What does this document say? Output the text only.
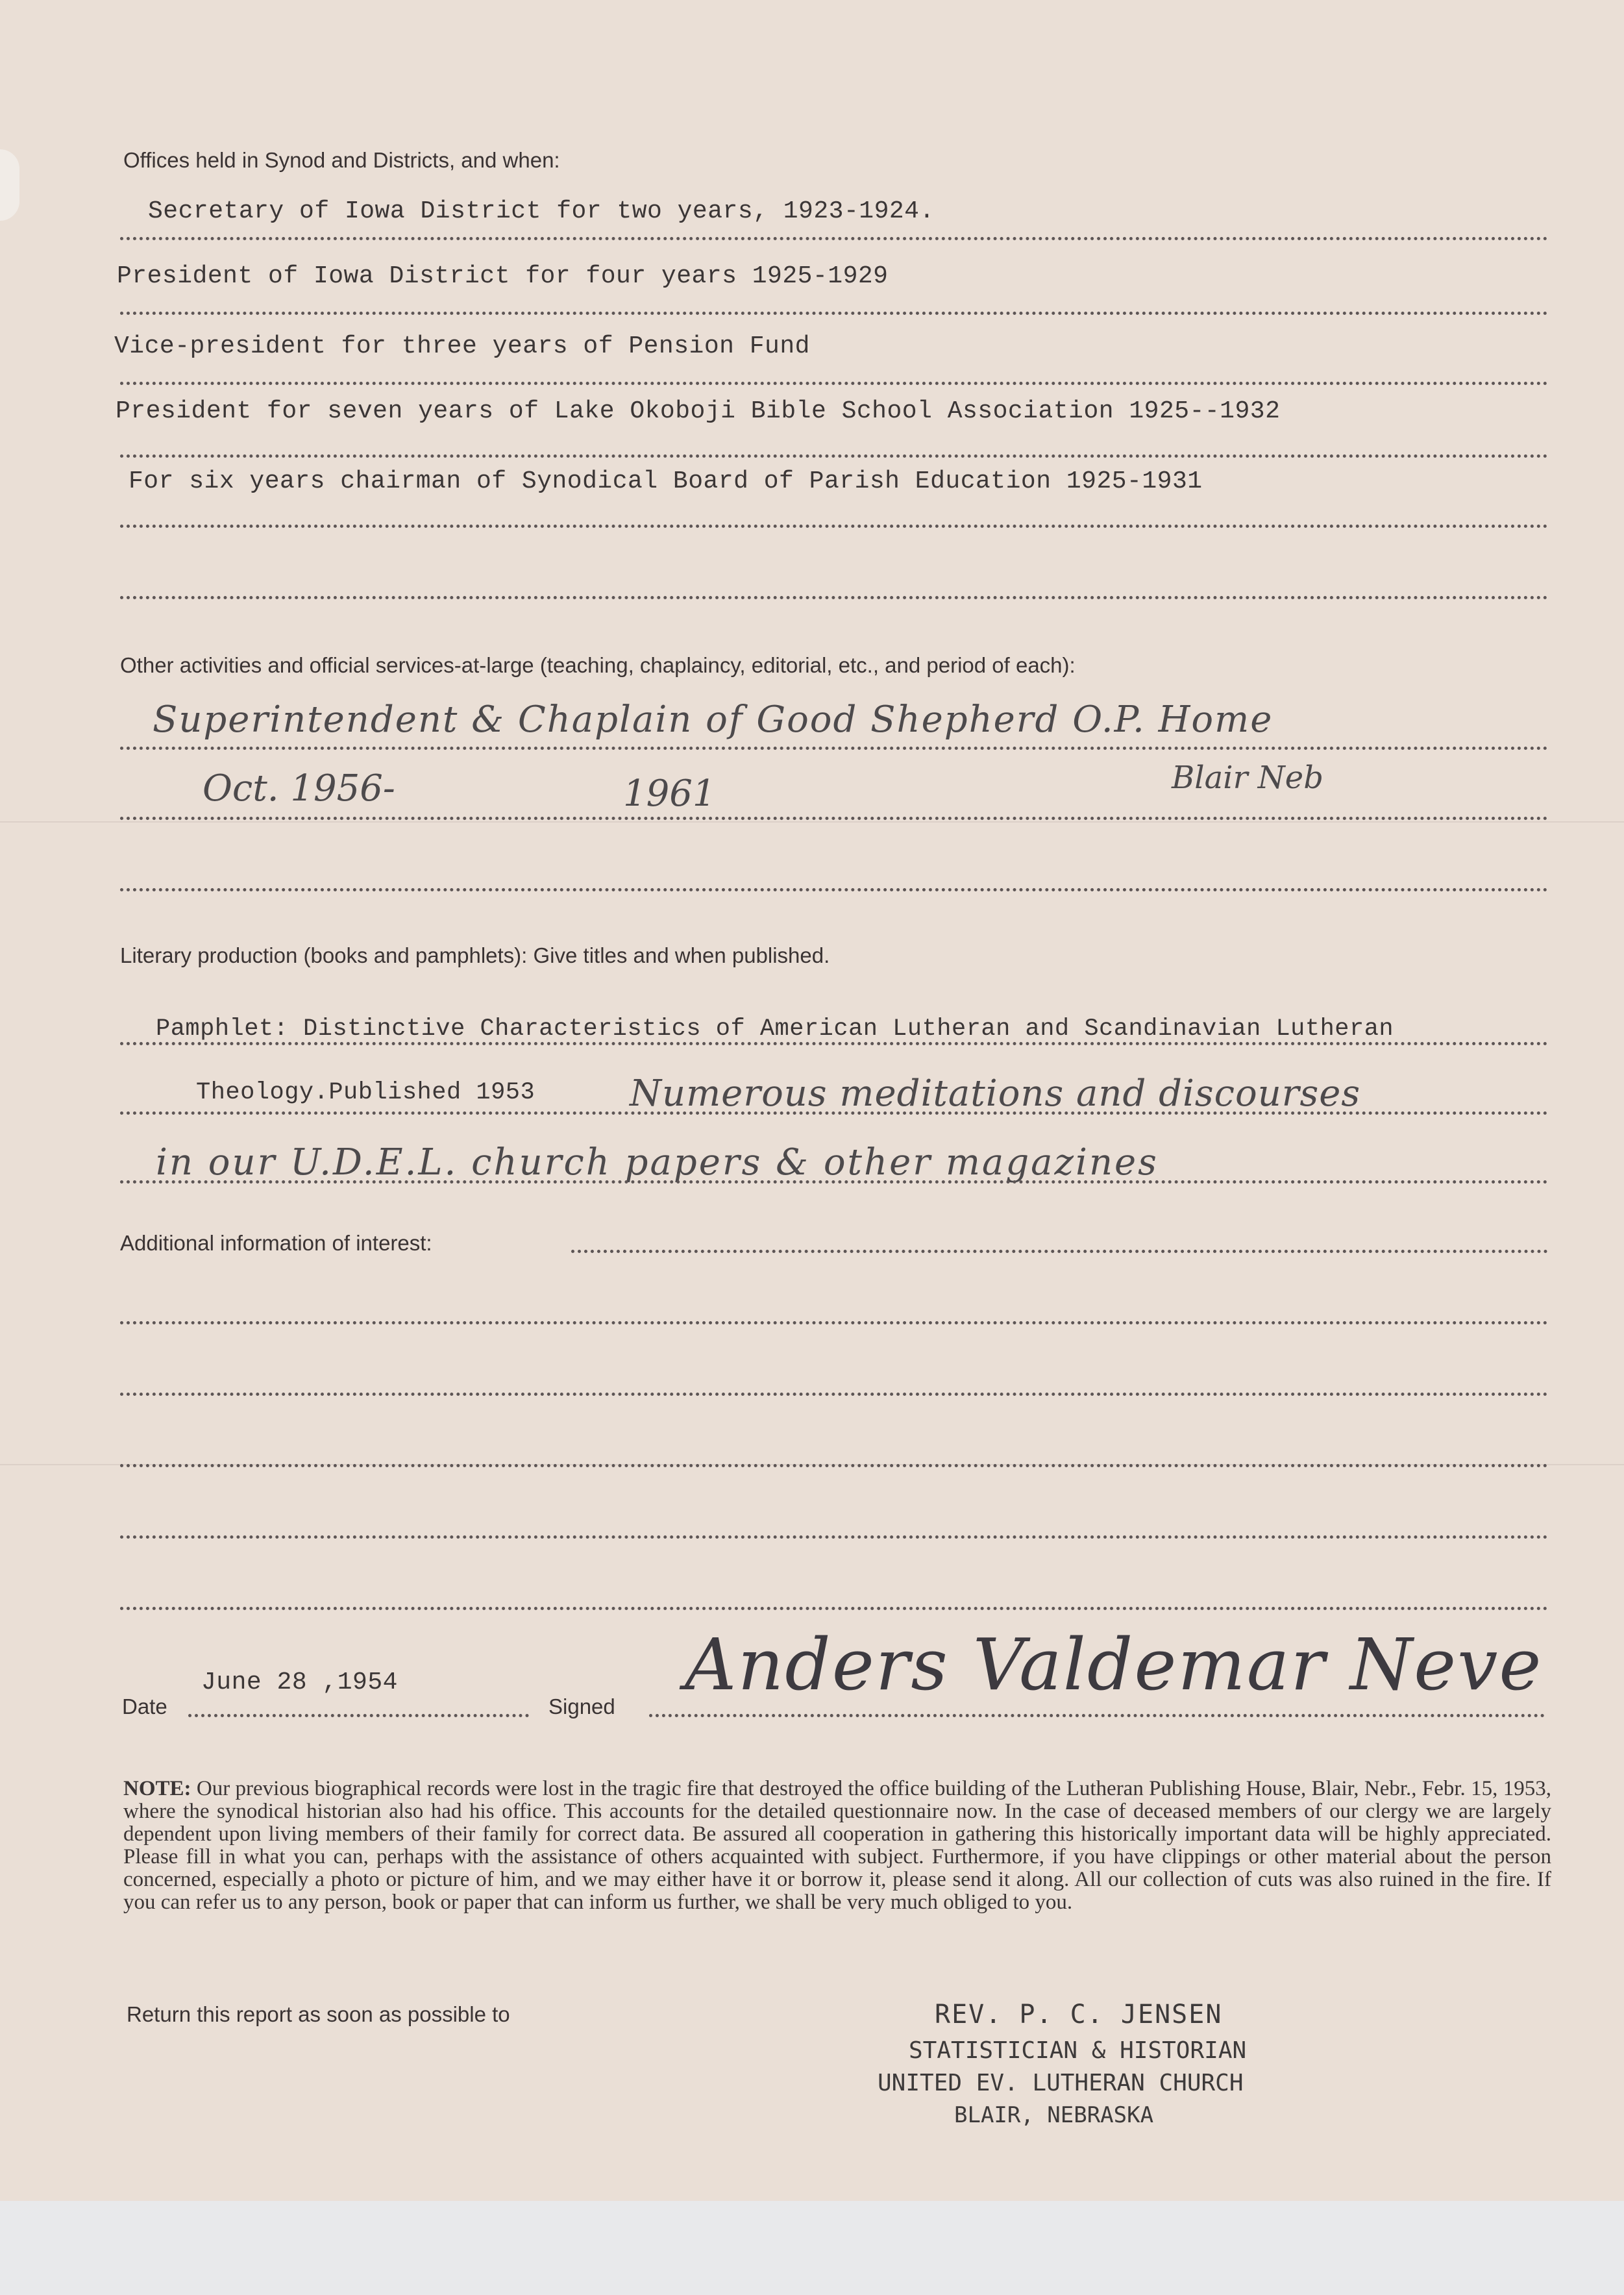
Offices held in Synod and Districts, and when:
Secretary of Iowa District for two years, 1923-1924.
President of Iowa District for four years 1925-1929
Vice-president for three years of Pension Fund
President for seven years of Lake Okoboji Bible School Association 1925--1932
For six years chairman of Synodical Board of Parish Education 1925-1931
Other activities and official services-at-large (teaching, chaplaincy, editorial, etc., and period of each):
Superintendent & Chaplain of Good Shepherd O.P. Home
Oct. 1956-	1961	Blair Neb
Literary production (books and pamphlets): Give titles and when published.
Pamphlet: Distinctive Characteristics of American Lutheran and Scandinavian Lutheran
Theology.Published 1953	Numerous meditations and discourses
in our U.D.E.L. church papers & other magazines
Additional information of interest:
June 28 ,1954
Date	Signed
Anders Valdemar Neve

NOTE: Our previous biographical records were lost in the tragic fire that destroyed the office building of the Lutheran Publishing House, Blair, Nebr., Febr. 15, 1953, where the synodical historian also had his office. This accounts for the detailed questionnaire now. In the case of deceased members of our clergy we are largely dependent upon living members of their family for correct data. Be assured all cooperation in gathering this historically important data will be highly appreciated. Please fill in what you can, perhaps with the assistance of others acquainted with subject. Furthermore, if you have clippings or other material about the person concerned, especially a photo or picture of him, and we may either have it or borrow it, please send it along. All our collection of cuts was also ruined in the fire. If you can refer us to any person, book or paper that can inform us further, we shall be very much obliged to you.

Return this report as soon as possible to	REV. P. C. JENSEN
STATISTICIAN & HISTORIAN
UNITED EV. LUTHERAN CHURCH
BLAIR, NEBRASKA
